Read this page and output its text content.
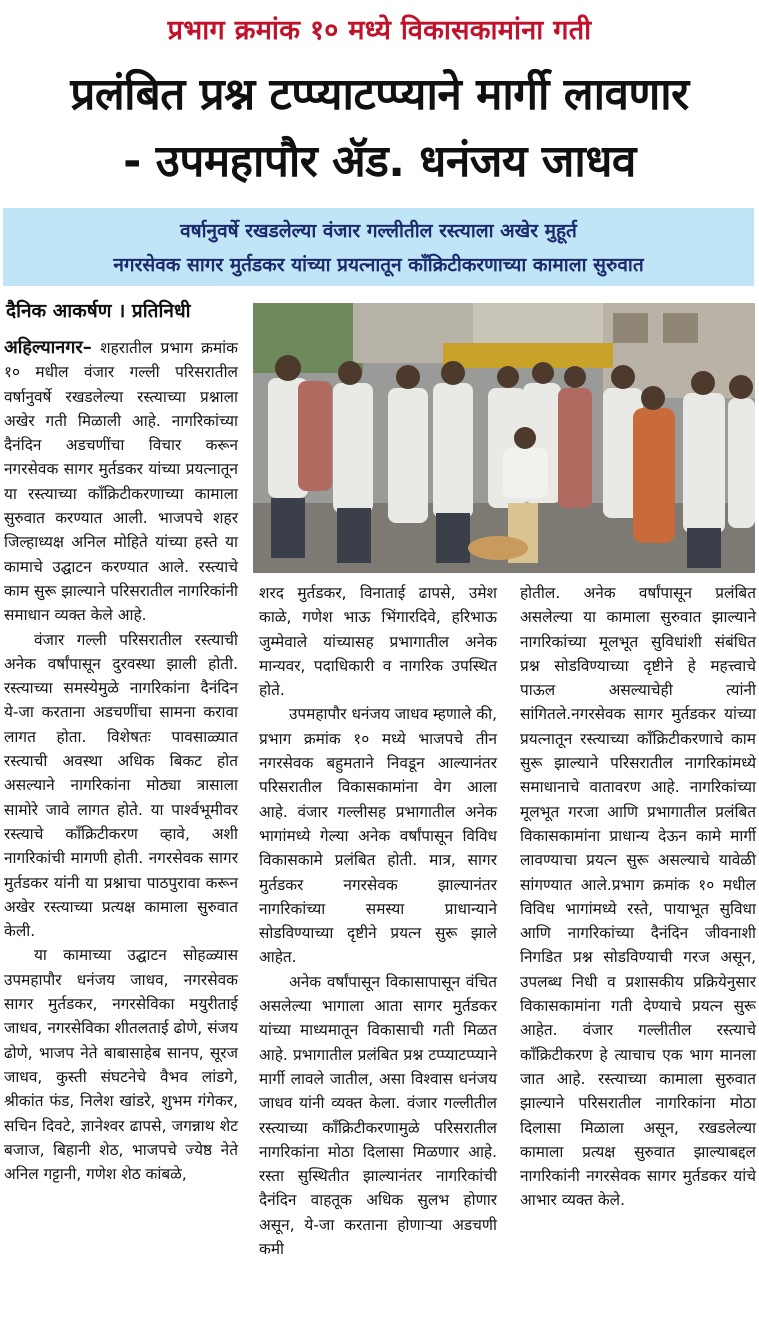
प्रभाग क्रमांक १० मध्ये विकासकामांना गती
प्रलंबित प्रश्न टप्प्याटप्प्याने मार्गी लावणार
- उपमहापौर ॲड. धनंजय जाधव
वर्षानुवर्षे रखडलेल्या वंजार गल्लीतील रस्त्याला अखेर मुहूर्त
नगरसेवक सागर मुर्तडकर यांच्या प्रयत्नातून काँक्रिटीकरणाच्या कामाला सुरुवात
दैनिक आकर्षण । प्रतिनिधी

अहिल्यानगर– शहरातील प्रभाग क्रमांक १० मधील वंजार गल्ली परिसरातील वर्षानुवर्षे रखडलेल्या रस्त्याच्या प्रश्नाला अखेर गती मिळाली आहे. नागरिकांच्या दैनंदिन अडचणींचा विचार करून नगरसेवक सागर मुर्तडकर यांच्या प्रयत्नातून या रस्त्याच्या काँक्रिटीकरणाच्या कामाला सुरुवात करण्यात आली. भाजपचे शहर जिल्हाध्यक्ष अनिल मोहिते यांच्या हस्ते या कामाचे उद्घाटन करण्यात आले. रस्त्याचे काम सुरू झाल्याने परिसरातील नागरिकांनी समाधान व्यक्त केले आहे.

वंजार गल्ली परिसरातील रस्त्याची अनेक वर्षांपासून दुरवस्था झाली होती. रस्त्याच्या समस्येमुळे नागरिकांना दैनंदिन ये-जा करताना अडचणींचा सामना करावा लागत होता. विशेषतः पावसाळ्यात रस्त्याची अवस्था अधिक बिकट होत असल्याने नागरिकांना मोठ्या त्रासाला सामोरे जावे लागत होते. या पार्श्वभूमीवर रस्त्याचे काँक्रिटीकरण व्हावे, अशी नागरिकांची मागणी होती. नगरसेवक सागर मुर्तडकर यांनी या प्रश्नाचा पाठपुरावा करून अखेर रस्त्याच्या प्रत्यक्ष कामाला सुरुवात केली.

या कामाच्या उद्घाटन सोहळ्यास उपमहापौर धनंजय जाधव, नगरसेवक सागर मुर्तडकर, नगरसेविका मयुरीताई जाधव, नगरसेविका शीतलताई ढोणे, संजय ढोणे, भाजप नेते बाबासाहेब सानप, सूरज जाधव, कुस्ती संघटनेचे वैभव लांडगे, श्रीकांत फंड, निलेश खांडरे, शुभम गंगेकर, सचिन दिवटे, ज्ञानेश्वर ढापसे, जगन्नाथ शेट बजाज, बिहानी शेठ, भाजपचे ज्येष्ठ नेते अनिल गट्टानी, गणेश शेठ कांबळे,

शरद मुर्तडकर, विनाताई ढापसे, उमेश काळे, गणेश भाऊ भिंगारदिवे, हरिभाऊ जुम्मेवाले यांच्यासह प्रभागातील अनेक मान्यवर, पदाधिकारी व नागरिक उपस्थित होते.

उपमहापौर धनंजय जाधव म्हणाले की, प्रभाग क्रमांक १० मध्ये भाजपचे तीन नगरसेवक बहुमताने निवडून आल्यानंतर परिसरातील विकासकामांना वेग आला आहे. वंजार गल्लीसह प्रभागातील अनेक भागांमध्ये गेल्या अनेक वर्षांपासून विविध विकासकामे प्रलंबित होती. मात्र, सागर मुर्तडकर नगरसेवक झाल्यानंतर नागरिकांच्या समस्या प्राधान्याने सोडविण्याच्या दृष्टीने प्रयत्न सुरू झाले आहेत.

अनेक वर्षांपासून विकासापासून वंचित असलेल्या भागाला आता सागर मुर्तडकर यांच्या माध्यमातून विकासाची गती मिळत आहे. प्रभागातील प्रलंबित प्रश्न टप्प्याटप्प्याने मार्गी लावले जातील, असा विश्वास धनंजय जाधव यांनी व्यक्त केला. वंजार गल्लीतील रस्त्याच्या काँक्रिटीकरणामुळे परिसरातील नागरिकांना मोठा दिलासा मिळणार आहे. रस्ता सुस्थितीत झाल्यानंतर नागरिकांची दैनंदिन वाहतूक अधिक सुलभ होणार असून, ये-जा करताना होणाऱ्या अडचणी कमी

होतील. अनेक वर्षांपासून प्रलंबित असलेल्या या कामाला सुरुवात झाल्याने नागरिकांच्या मूलभूत सुविधांशी संबंधित प्रश्न सोडविण्याच्या दृष्टीने हे महत्त्वाचे पाऊल असल्याचेही त्यांनी सांगितले.नगरसेवक सागर मुर्तडकर यांच्या प्रयत्नातून रस्त्याच्या काँक्रिटीकरणाचे काम सुरू झाल्याने परिसरातील नागरिकांमध्ये समाधानाचे वातावरण आहे. नागरिकांच्या मूलभूत गरजा आणि प्रभागातील प्रलंबित विकासकामांना प्राधान्य देऊन कामे मार्गी लावण्याचा प्रयत्न सुरू असल्याचे यावेळी सांगण्यात आले.प्रभाग क्रमांक १० मधील विविध भागांमध्ये रस्ते, पायाभूत सुविधा आणि नागरिकांच्या दैनंदिन जीवनाशी निगडित प्रश्न सोडविण्याची गरज असून, उपलब्ध निधी व प्रशासकीय प्रक्रियेनुसार विकासकामांना गती देण्याचे प्रयत्न सुरू आहेत. वंजार गल्लीतील रस्त्याचे काँक्रिटीकरण हे त्याचाच एक भाग मानला जात आहे. रस्त्याच्या कामाला सुरुवात झाल्याने परिसरातील नागरिकांना मोठा दिलासा मिळाला असून, रखडलेल्या कामाला प्रत्यक्ष सुरुवात झाल्याबद्दल नागरिकांनी नगरसेवक सागर मुर्तडकर यांचे आभार व्यक्त केले.
